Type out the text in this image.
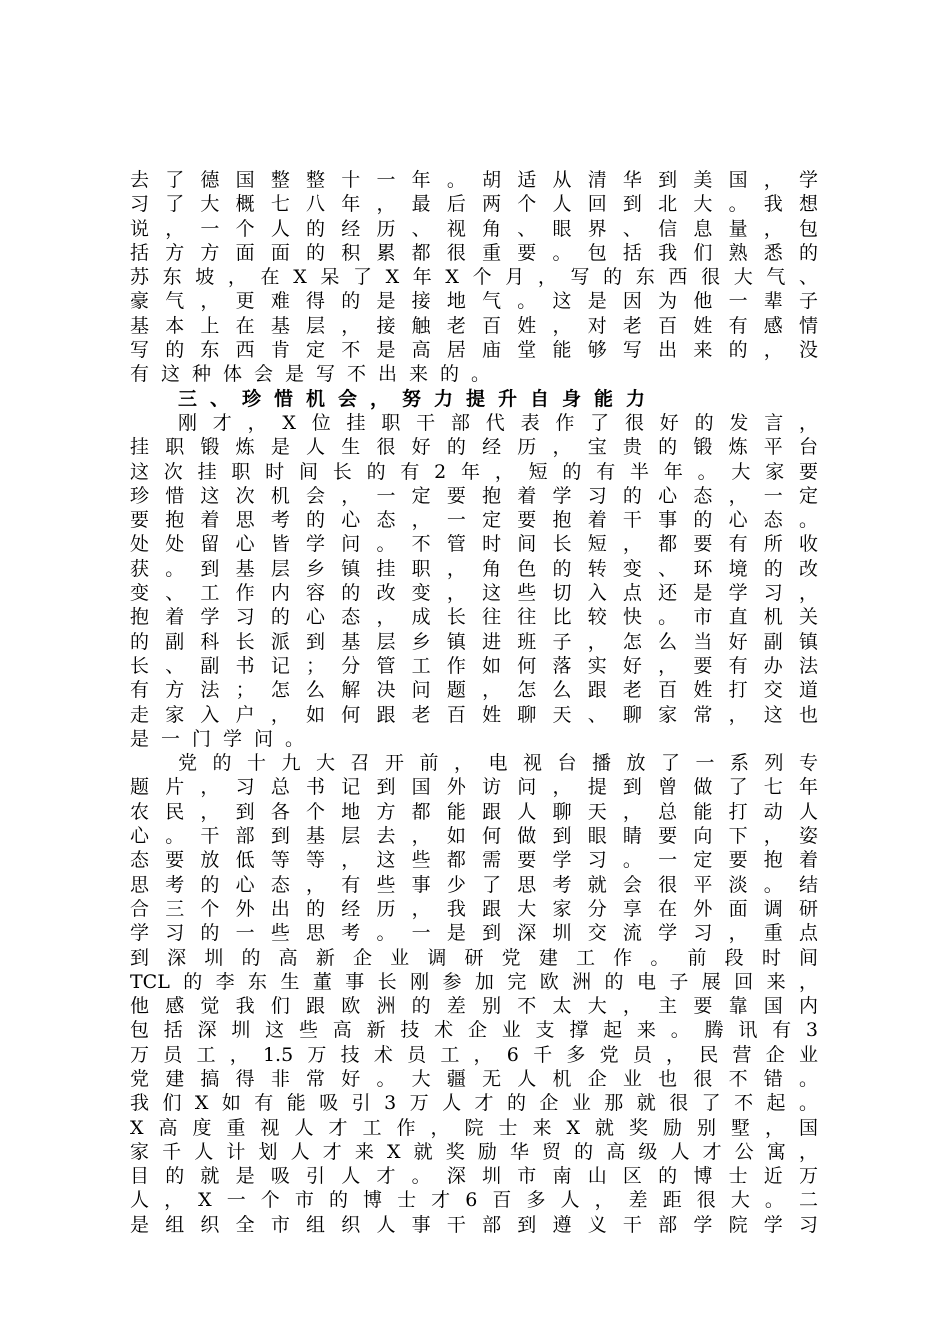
去了德国整整十一年。胡适从清华到美国，学
习了大概七八年，最后两个人回到北大。我想
说，一个人的经历、视角、眼界、信息量，包
括方方面面的积累都很重要。包括我们熟悉的
苏东坡，在X呆了X年X个月，写的东西很大气、
豪气，更难得的是接地气。这是因为他一辈子
基本上在基层，接触老百姓，对老百姓有感情
写的东西肯定不是高居庙堂能够写出来的，没
有这种体会是写不出来的。
三、珍惜机会，努力提升自身能力
刚才，X位挂职干部代表作了很好的发言，
挂职锻炼是人生很好的经历，宝贵的锻炼平台
这次挂职时间长的有2年，短的有半年。大家要
珍惜这次机会，一定要抱着学习的心态，一定
要抱着思考的心态，一定要抱着干事的心态。
处处留心皆学问。不管时间长短，都要有所收
获。到基层乡镇挂职，角色的转变、环境的改
变、工作内容的改变，这些切入点还是学习，
抱着学习的心态，成长往往比较快。市直机关
的副科长派到基层乡镇进班子，怎么当好副镇
长、副书记；分管工作如何落实好，要有办法
有方法；怎么解决问题，怎么跟老百姓打交道
走家入户，如何跟老百姓聊天、聊家常，这也
是一门学问。
党的十九大召开前，电视台播放了一系列专
题片，习总书记到国外访问，提到曾做了七年
农民，到各个地方都能跟人聊天，总能打动人
心。干部到基层去，如何做到眼睛要向下，姿
态要放低等等，这些都需要学习。一定要抱着
思考的心态，有些事少了思考就会很平淡。结
合三个外出的经历，我跟大家分享在外面调研
学习的一些思考。一是到深圳交流学习，重点
到深圳的高新企业调研党建工作。前段时间
TCL的李东生董事长刚参加完欧洲的电子展回来，
他感觉我们跟欧洲的差别不太大，主要靠国内
包括深圳这些高新技术企业支撑起来。腾讯有3
万员工，1.5万技术员工，6千多党员，民营企业
党建搞得非常好。大疆无人机企业也很不错。
我们X如有能吸引3万人才的企业那就很了不起。
X高度重视人才工作，院士来X就奖励别墅，国
家千人计划人才来X就奖励华贸的高级人才公寓，
目的就是吸引人才。深圳市南山区的博士近万
人，X一个市的博士才6百多人，差距很大。二
是组织全市组织人事干部到遵义干部学院学习
